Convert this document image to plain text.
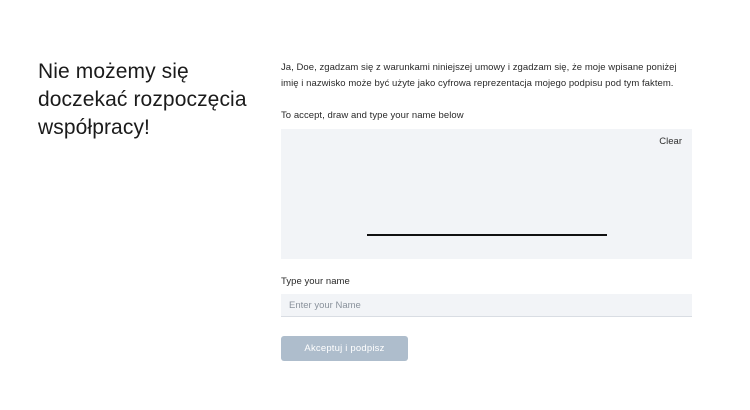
Nie możemy się doczekać rozpoczęcia współpracy!

Ja, Doe, zgadzam się z warunkami niniejszej umowy i zgadzam się, że moje wpisane poniżej imię i nazwisko może być użyte jako cyfrowa reprezentacja mojego podpisu pod tym faktem.

To accept, draw and type your name below

Clear

Type your name

Enter your Name
Akceptuj i podpisz
